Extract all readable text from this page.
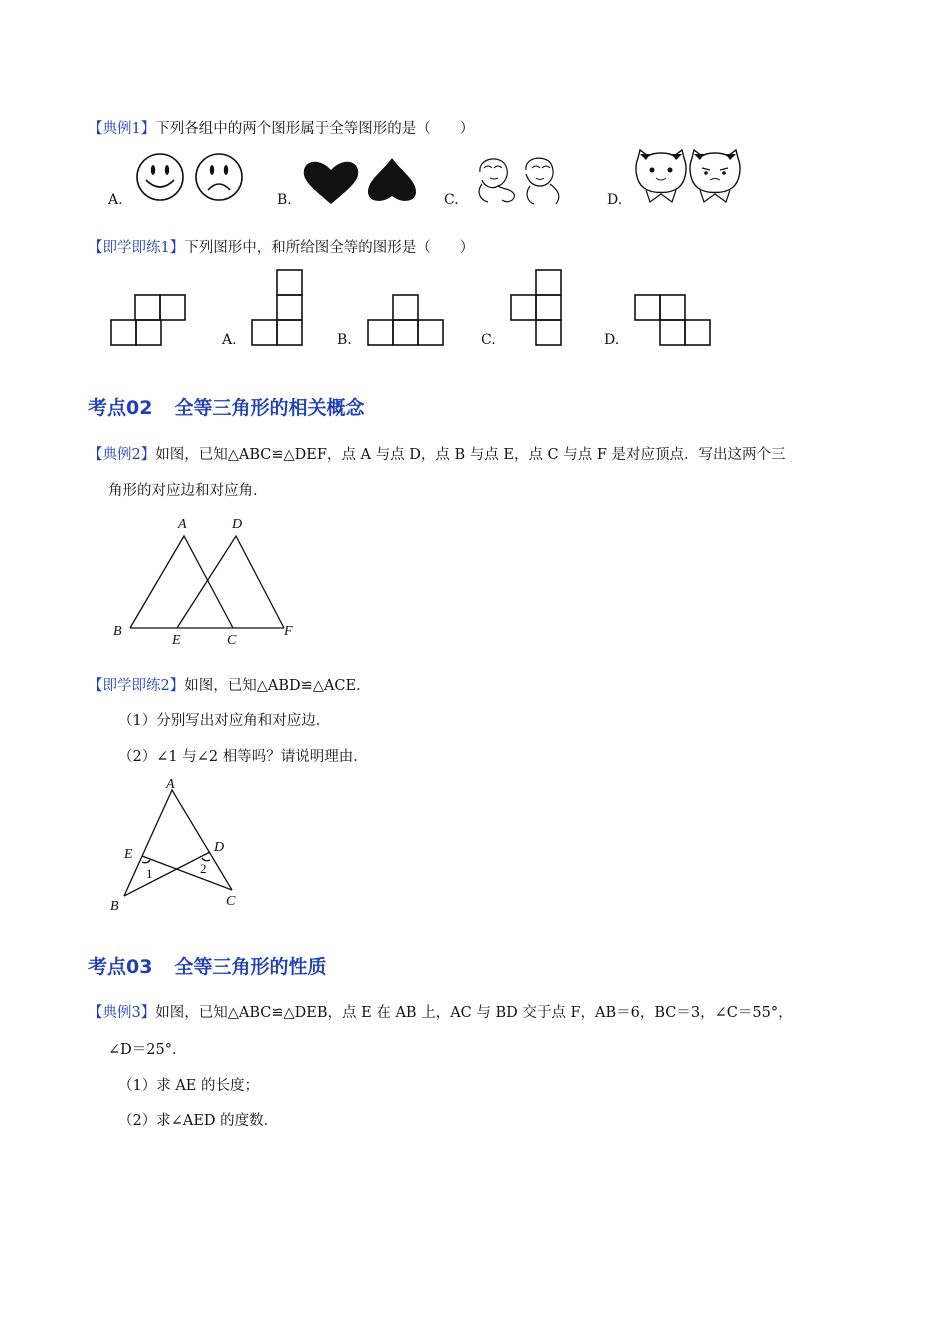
【典例1】下列各组中的两个图形属于全等图形的是（　　）
A.	B.	C.	D.
【即学即练1】下列图形中，和所给图全等的图形是（　　）
A.	B.	C.	D.
考点02 全等三角形的相关概念
【典例2】如图，已知△ABC≌△DEF，点 A 与点 D，点 B 与点 E，点 C 与点 F 是对应顶点．写出这两个三
角形的对应边和对应角．
A	D
B
E	C
F
【即学即练2】如图，已知△ABD≌△ACE．
（1）分别写出对应角和对应边．
（2）∠1 与∠2 相等吗？请说明理由．
A
E	D
1	2
B	C
考点03 全等三角形的性质
【典例3】如图，已知△ABC≌△DEB，点 E 在 AB 上，AC 与 BD 交于点 F，AB＝6，BC＝3，∠C＝55°，
∠D＝25°．
（1）求 AE 的长度；
（2）求∠AED 的度数．
